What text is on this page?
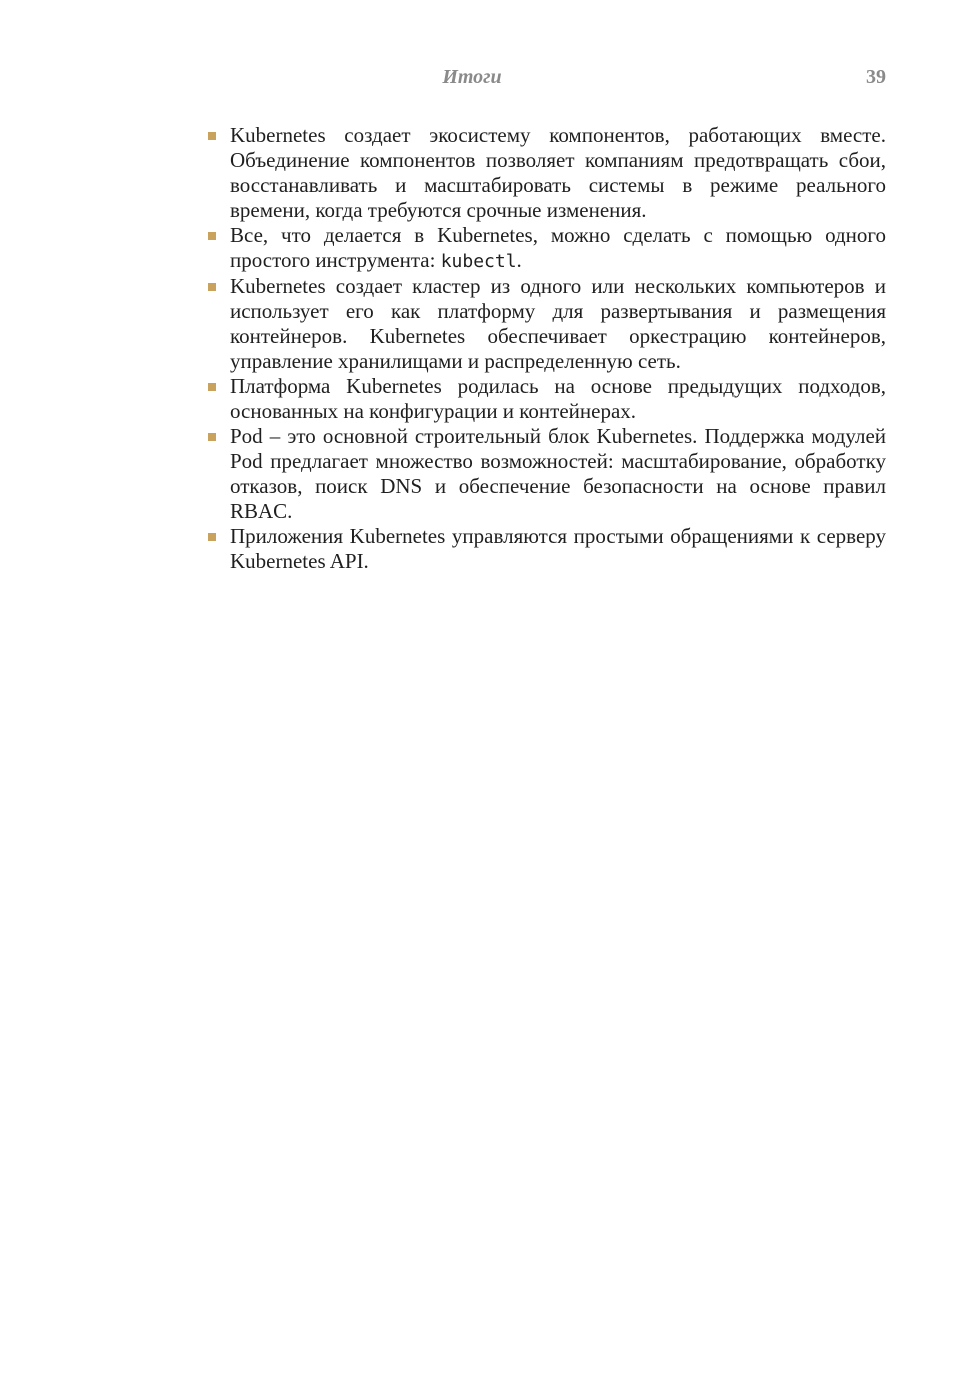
Итоги	39
Kubernetes создает экосистему компонентов, работающих вместе. Объединение компонентов позволяет компаниям предотвращать сбои, восстанавливать и масштабировать системы в режиме реального времени, когда требуются срочные изменения.
Все, что делается в Kubernetes, можно сделать с помощью одного простого инструмента: kubectl.
Kubernetes создает кластер из одного или нескольких компьютеров и использует его как платформу для развертывания и размещения контейнеров. Kubernetes обеспечивает оркестрацию контейнеров, управление хранилищами и распределенную сеть.
Платформа Kubernetes родилась на основе предыдущих подходов, основанных на конфигурации и контейнерах.
Pod – это основной строительный блок Kubernetes. Поддержка модулей Pod предлагает множество возможностей: масштабирование, обработку отказов, поиск DNS и обеспечение безопасности на основе правил RBAC.
Приложения Kubernetes управляются простыми обращениями к серверу Kubernetes API.
